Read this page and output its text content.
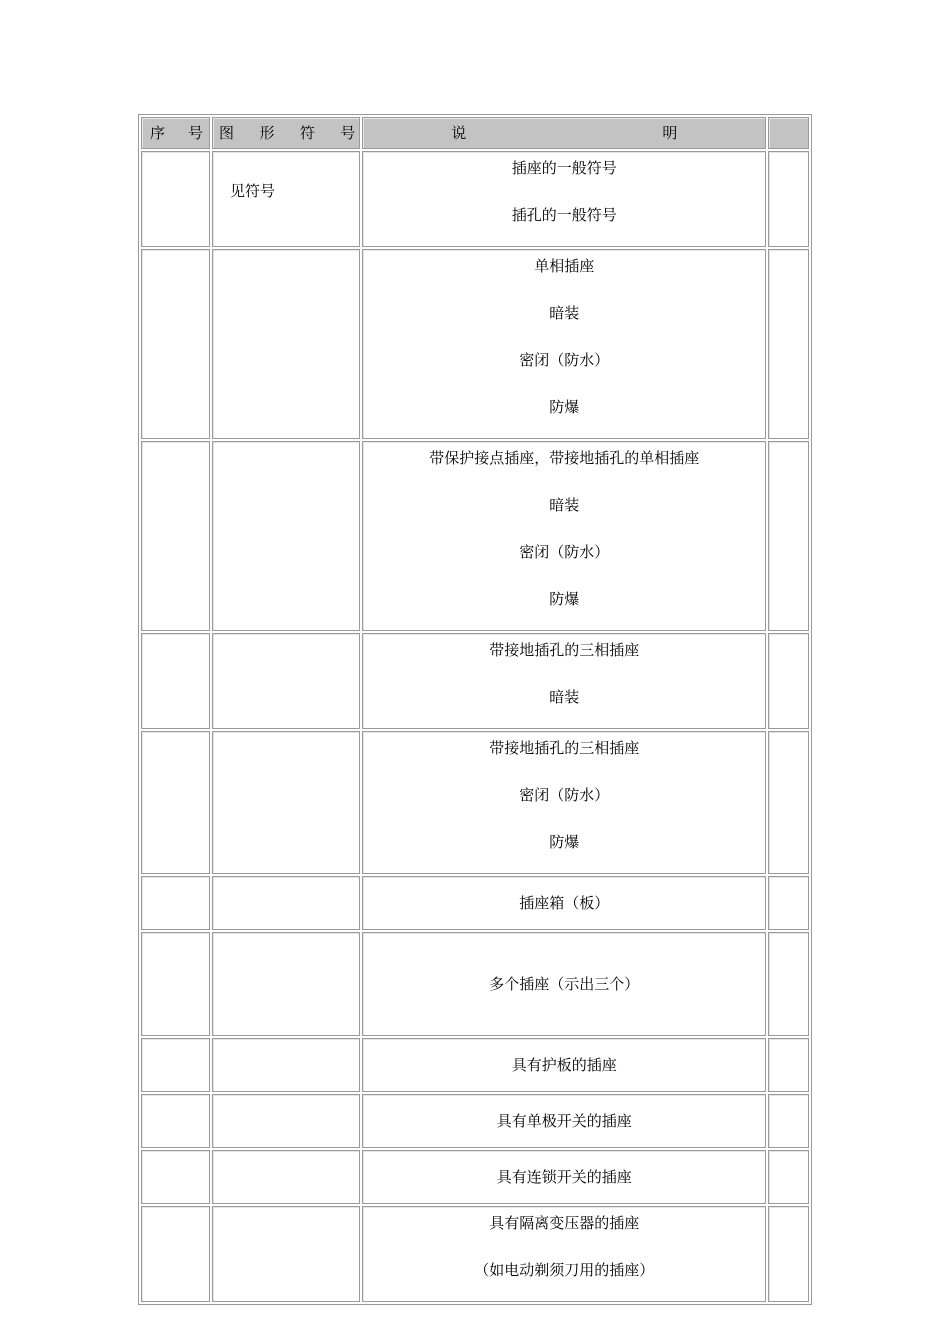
序 号	图 形 符 号	说 明	

	见符号	插座的一般符号
插孔的一般符号	

		单相插座
暗装
密闭（防水）
防爆	

		带保护接点插座，带接地插孔的单相插座
暗装
密闭（防水）
防爆	

		带接地插孔的三相插座
暗装	

		带接地插孔的三相插座
密闭（防水）
防爆	

		插座箱（板）	

		多个插座（示出三个）	

		具有护板的插座	

		具有单极开关的插座	

		具有连锁开关的插座	

		具有隔离变压器的插座
（如电动剃须刀用的插座）	
